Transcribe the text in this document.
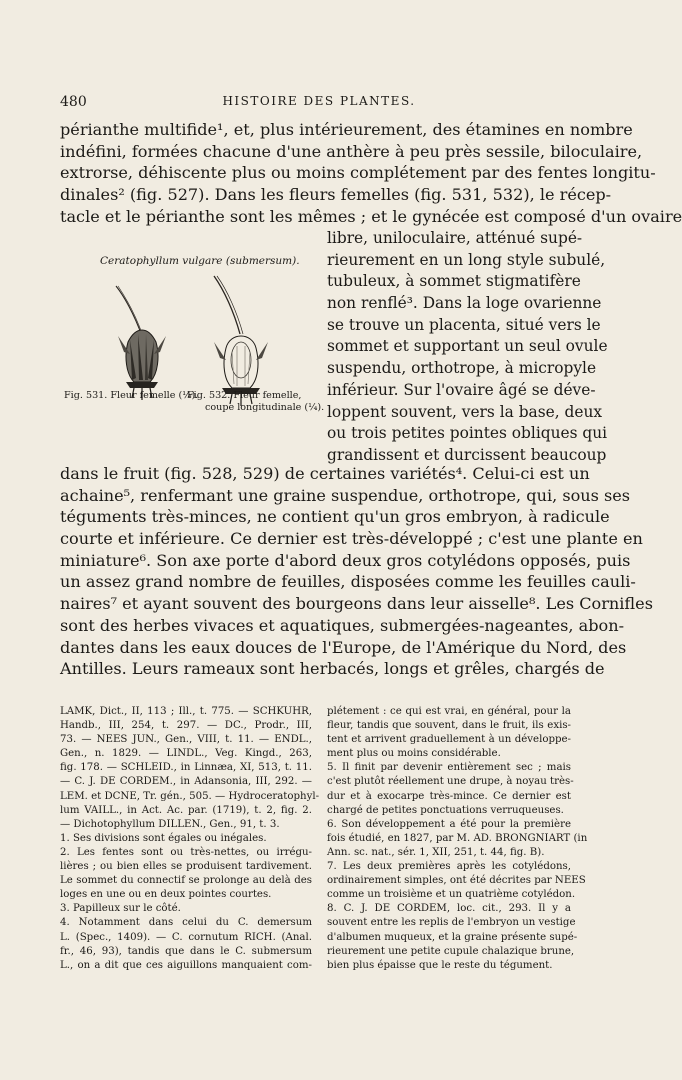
480	HISTOIRE DES PLANTES.
périanthe multifide¹, et, plus intérieurement, des étamines en nombre
indéfini, formées chacune d'une anthère à peu près sessile, biloculaire,
extrorse, déhiscente plus ou moins complétement par des fentes longitu-
dinales² (fig. 527). Dans les fleurs femelles (fig. 531, 532), le récep-
tacle et le périanthe sont les mêmes ; et le gynécée est composé d'un ovaire
Ceratophyllum vulgare (submersum).
Fig. 531. Fleur femelle (¼).
Fig. 532. Fleur femelle,
coupe longitudinale (¼).
libre, uniloculaire, atténué supé-
rieurement en un long style subulé,
tubuleux, à sommet stigmatifère
non renflé³. Dans la loge ovarienne
se trouve un placenta, situé vers le
sommet et supportant un seul ovule
suspendu, orthotrope, à micropyle
inférieur. Sur l'ovaire âgé se déve-
loppent souvent, vers la base, deux
ou trois petites pointes obliques qui
grandissent et durcissent beaucoup
dans le fruit (fig. 528, 529) de certaines variétés⁴. Celui-ci est un
achaine⁵, renfermant une graine suspendue, orthotrope, qui, sous ses
téguments très-minces, ne contient qu'un gros embryon, à radicule
courte et inférieure. Ce dernier est très-développé ; c'est une plante en
miniature⁶. Son axe porte d'abord deux gros cotylédons opposés, puis
un assez grand nombre de feuilles, disposées comme les feuilles cauli-
naires⁷ et ayant souvent des bourgeons dans leur aisselle⁸. Les Cornifles
sont des herbes vivaces et aquatiques, submergées-nageantes, abon-
dantes dans les eaux douces de l'Europe, de l'Amérique du Nord, des
Antilles. Leurs rameaux sont herbacés, longs et grêles, chargés de
LAMK, Dict., II, 113 ; Ill., t. 775. — SCHKUHR,
Handb., III, 254, t. 297. — DC., Prodr., III,
73. — NEES JUN., Gen., VIII, t. 11. — ENDL.,
Gen., n. 1829. — LINDL., Veg. Kingd., 263,
fig. 178. — SCHLEID., in Linnæa, XI, 513, t. 11.
— C. J. DE CORDEM., in Adansonia, III, 292. —
LEM. et DCNE, Tr. gén., 505. — Hydroceratophyl-
lum VAILL., in Act. Ac. par. (1719), t. 2, fig. 2.
— Dichotophyllum DILLEN., Gen., 91, t. 3.
1. Ses divisions sont égales ou inégales.
2. Les fentes sont ou très-nettes, ou irrégu-
lières ; ou bien elles se produisent tardivement.
Le sommet du connectif se prolonge au delà des
loges en une ou en deux pointes courtes.
3. Papilleux sur le côté.
4. Notamment dans celui du C. demersum
L. (Spec., 1409). — C. cornutum RICH. (Anal.
fr., 46, 93), tandis que dans le C. submersum
L., on a dit que ces aiguillons manquaient com-
plétement : ce qui est vrai, en général, pour la
fleur, tandis que souvent, dans le fruit, ils exis-
tent et arrivent graduellement à un développe-
ment plus ou moins considérable.
5. Il finit par devenir entièrement sec ; mais
c'est plutôt réellement une drupe, à noyau très-
dur et à exocarpe très-mince. Ce dernier est
chargé de petites ponctuations verruqueuses.
6. Son développement a été pour la première
fois étudié, en 1827, par M. AD. BRONGNIART (in
Ann. sc. nat., sér. 1, XII, 251, t. 44, fig. B).
7. Les deux premières après les cotylédons,
ordinairement simples, ont été décrites par NEES
comme un troisième et un quatrième cotylédon.
8. C. J. DE CORDEM, loc. cit., 293. Il y a
souvent entre les replis de l'embryon un vestige
d'albumen muqueux, et la graine présente supé-
rieurement une petite cupule chalazique brune,
bien plus épaisse que le reste du tégument.
